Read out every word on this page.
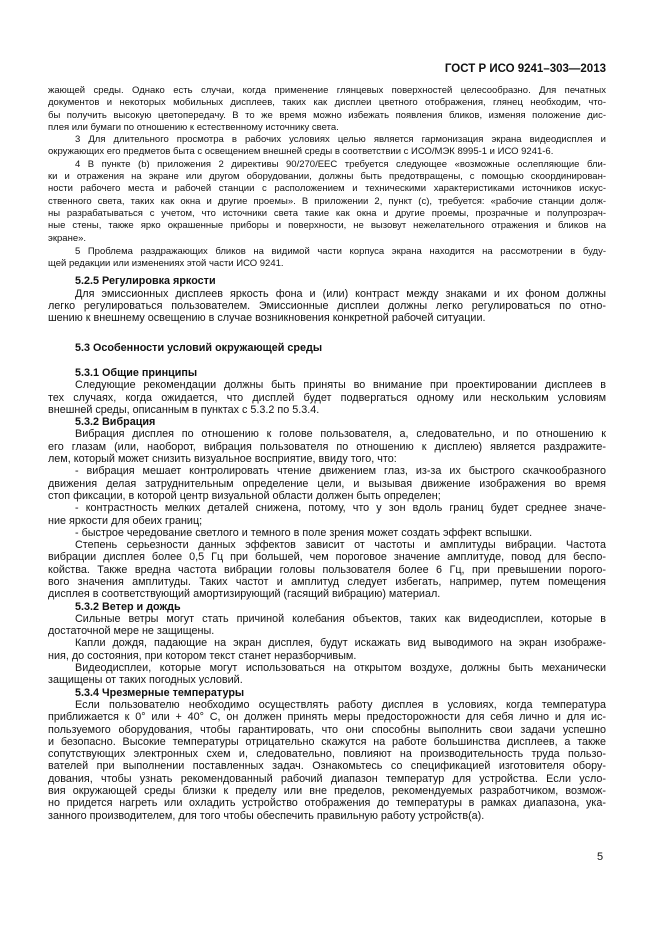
ГОСТ Р ИСО 9241–303—2013
жающей среды. Однако есть случаи, когда применение глянцевых поверхностей целесообразно. Для печатных
документов и некоторых мобильных дисплеев, таких как дисплеи цветного отображения, глянец необходим, что-
бы получить высокую цветопередачу. В то же время можно избежать появления бликов, изменяя положение дис-
плея или бумаги по отношению к естественному источнику света.
3 Для длительного просмотра в рабочих условиях целью является гармонизация экрана видеодисплея и
окружающих его предметов быта с освещением внешней среды в соответствии с ИСО/МЭК 8995-1 и ИСО 9241-6.
4 В пункте (b) приложения 2 директивы 90/270/EEC требуется следующее «возможные ослепляющие бли-
ки и отражения на экране или другом оборудовании, должны быть предотвращены, с помощью скоординирован-
ности рабочего места и рабочей станции с расположением и техническими характеристиками источников искус-
ственного света, таких как окна и другие проемы». В приложении 2, пункт (c), требуется: «рабочие станции долж-
ны разрабатываться с учетом, что источники света такие как окна и другие проемы, прозрачные и полупрозрач-
ные стены, также ярко окрашенные приборы и поверхности, не вызовут нежелательного отражения и бликов на
экране».
5 Проблема раздражающих бликов на видимой части корпуса экрана находится на рассмотрении в буду-
щей редакции или изменениях этой части ИСО 9241.
5.2.5 Регулировка яркости
Для эмиссионных дисплеев яркость фона и (или) контраст между знаками и их фоном должны
легко регулироваться пользователем. Эмиссионные дисплеи должны легко регулироваться по отно-
шению к внешнему освещению в случае возникновения конкретной рабочей ситуации.
5.3 Особенности условий окружающей среды
5.3.1 Общие принципы
Следующие рекомендации должны быть приняты во внимание при проектировании дисплеев в
тех случаях, когда ожидается, что дисплей будет подвергаться одному или нескольким условиям
внешней среды, описанным в пунктах с 5.3.2 по 5.3.4.
5.3.2 Вибрация
Вибрация дисплея по отношению к голове пользователя, а, следовательно, и по отношению к
его глазам (или, наоборот, вибрация пользователя по отношению к дисплею) является раздражите-
лем, который может снизить визуальное восприятие, ввиду того, что:
- вибрация мешает контролировать чтение движением глаз, из-за их быстрого скачкообразного
движения делая затруднительным определение цели, и вызывая движение изображения во время
стоп фиксации, в которой центр визуальной области должен быть определен;
- контрастность мелких деталей снижена, потому, что у зон вдоль границ будет среднее значе-
ние яркости для обеих границ;
- быстрое чередование светлого и темного в поле зрения может создать эффект вспышки.
Степень серьезности данных эффектов зависит от частоты и амплитуды вибрации. Частота
вибрации дисплея более 0,5 Гц при большей, чем пороговое значение амплитуде, повод для беспо-
койства. Также вредна частота вибрации головы пользователя более 6 Гц, при превышении порого-
вого значения амплитуды. Таких частот и амплитуд следует избегать, например, путем помещения
дисплея в соответствующий амортизирующий (гасящий вибрацию) материал.
5.3.2 Ветер и дождь
Сильные ветры могут стать причиной колебания объектов, таких как видеодисплеи, которые в
достаточной мере не защищены.
Капли дождя, падающие на экран дисплея, будут искажать вид выводимого на экран изображе-
ния, до состояния, при котором текст станет неразборчивым.
Видеодисплеи, которые могут использоваться на открытом воздухе, должны быть механически
защищены от таких погодных условий.
5.3.4 Чрезмерные температуры
Если пользователю необходимо осуществлять работу дисплея в условиях, когда температура
приближается к 0° или + 40° С, он должен принять меры предосторожности для себя лично и для ис-
пользуемого оборудования, чтобы гарантировать, что они способны выполнить свои задачи успешно
и безопасно. Высокие температуры отрицательно скажутся на работе большинства дисплеев, а также
сопутствующих электронных схем и, следовательно, повлияют на производительность труда пользо-
вателей при выполнении поставленных задач. Ознакомьтесь со спецификацией изготовителя обору-
дования, чтобы узнать рекомендованный рабочий диапазон температур для устройства. Если усло-
вия окружающей среды близки к пределу или вне пределов, рекомендуемых разработчиком, возмож-
но придется нагреть или охладить устройство отображения до температуры в рамках диапазона, ука-
занного производителем, для того чтобы обеспечить правильную работу устройств(а).
5
